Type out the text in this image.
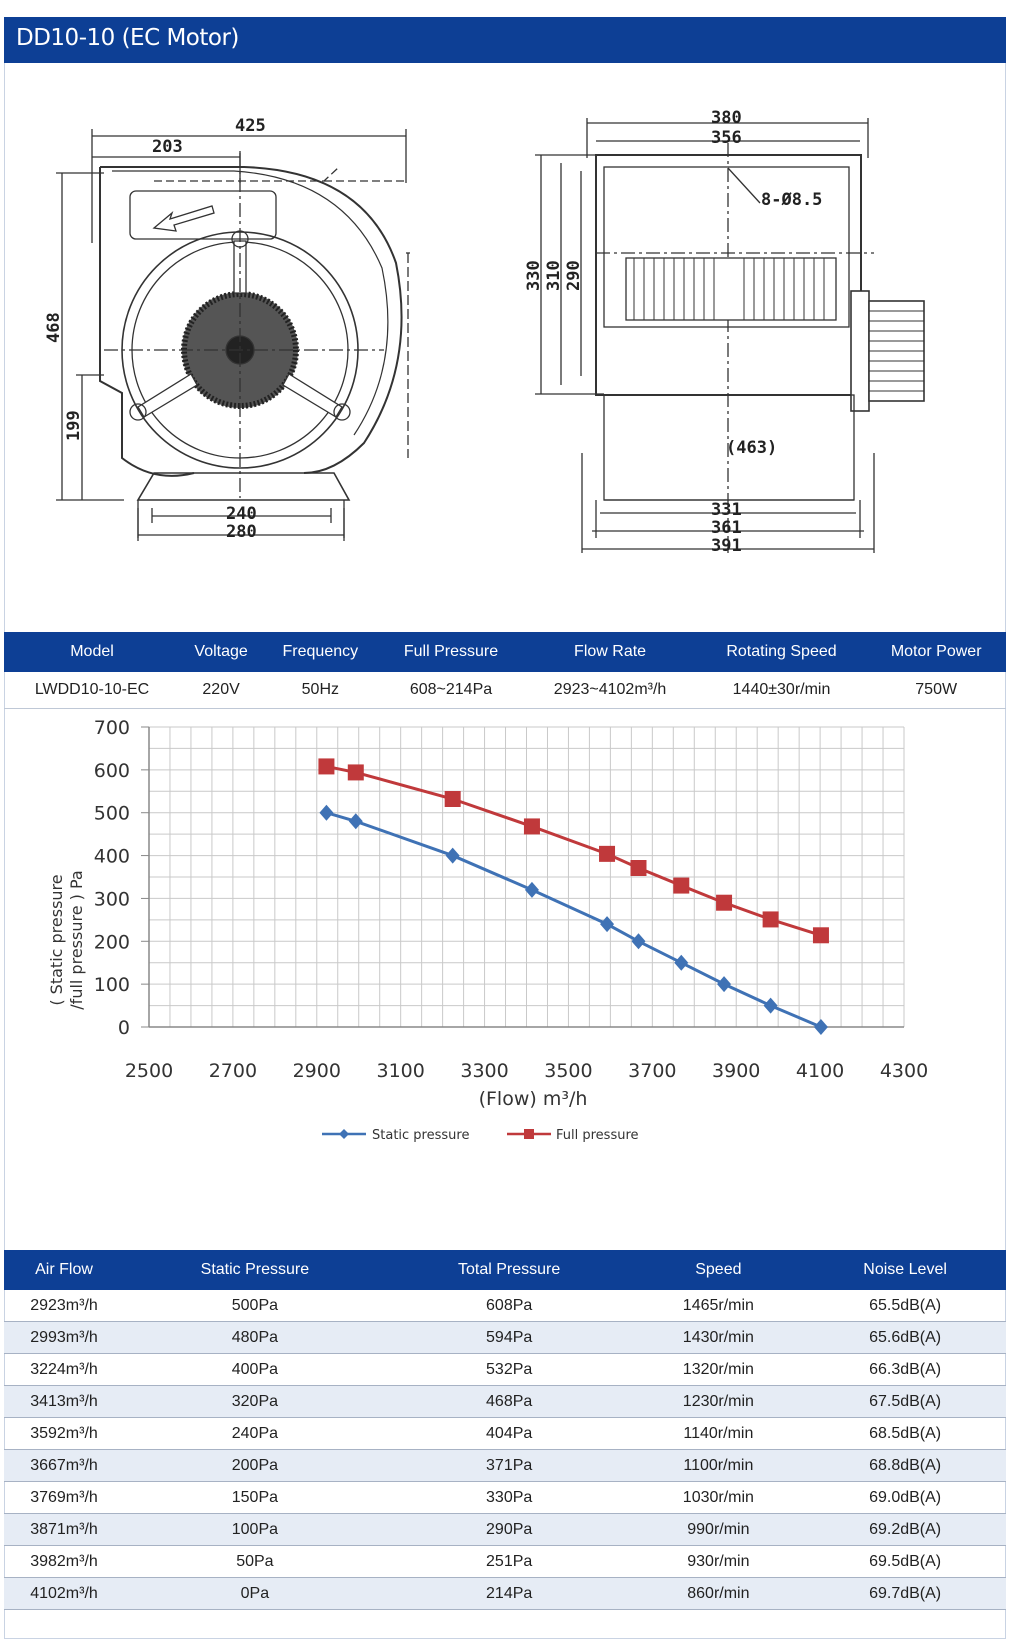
DD10-10 (EC Motor)
425
203
468
199
240
280
380
356
8-Ø8.5
330 310 290
(463)
331
361
391
Model	Voltage	Frequency	Full Pressure	Flow Rate	Rotating Speed	Motor Power
LWDD10-10-EC	220V	50Hz	608~214Pa	2923~4102m³/h	1440±30r/min	750W
0
100
200
300
400
500
600
700
2500 2700 2900 3100 3300 3500 3700 3900 4100 4300
( Static pressure /full pressure ) Pa
(Flow) m³/h
Static pressure	Full pressure
Air Flow	Static Pressure	Total Pressure	Speed	Noise Level
2923m³/h	500Pa	608Pa	1465r/min	65.5dB(A)
2993m³/h	480Pa	594Pa	1430r/min	65.6dB(A)
3224m³/h	400Pa	532Pa	1320r/min	66.3dB(A)
3413m³/h	320Pa	468Pa	1230r/min	67.5dB(A)
3592m³/h	240Pa	404Pa	1140r/min	68.5dB(A)
3667m³/h	200Pa	371Pa	1100r/min	68.8dB(A)
3769m³/h	150Pa	330Pa	1030r/min	69.0dB(A)
3871m³/h	100Pa	290Pa	990r/min	69.2dB(A)
3982m³/h	50Pa	251Pa	930r/min	69.5dB(A)
4102m³/h	0Pa	214Pa	860r/min	69.7dB(A)
